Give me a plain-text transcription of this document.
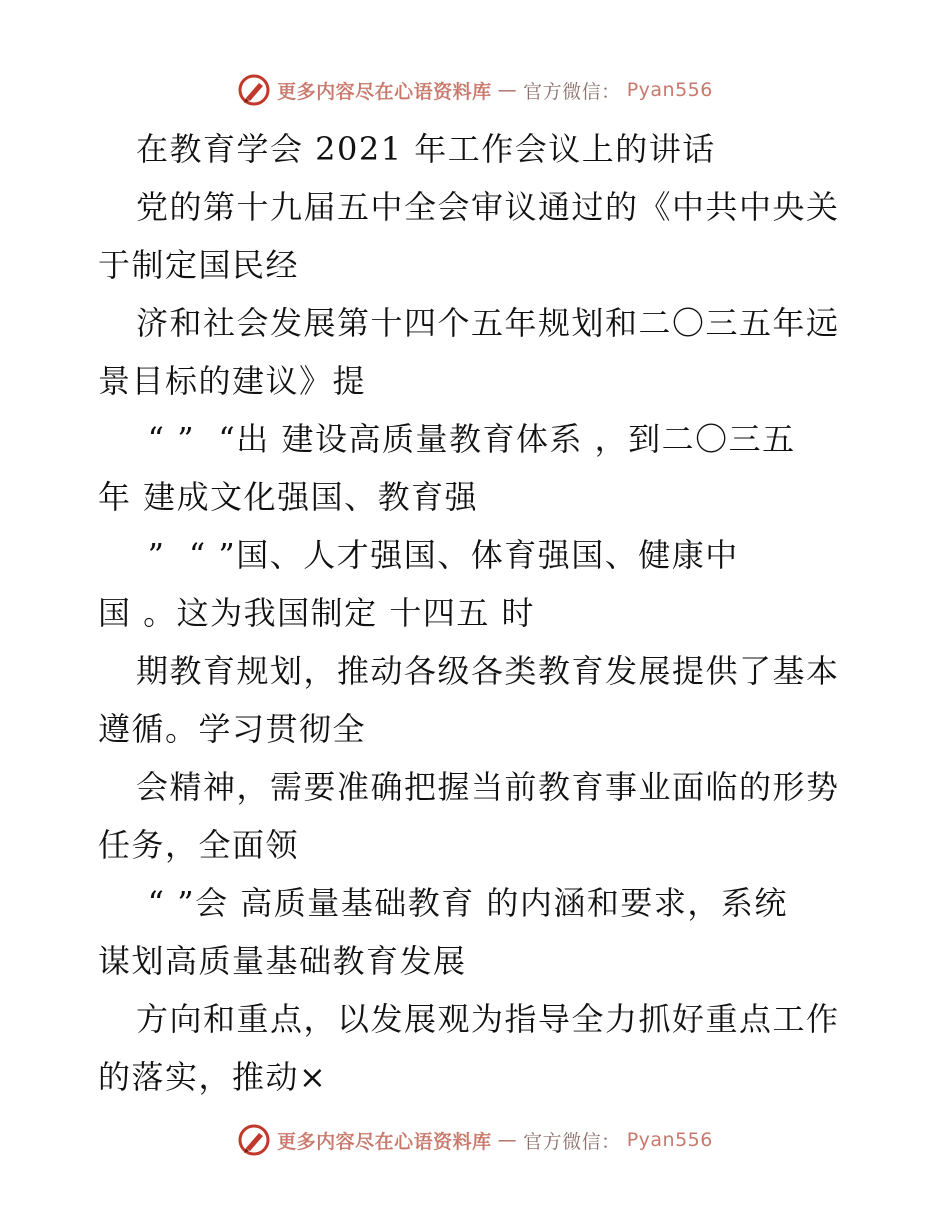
更多内容尽在心语资料库 — 官方微信： Pyan556
在教育学会 2021 年工作会议上的讲话
党的第十九届五中全会审议通过的《中共中央关
于制定国民经
济和社会发展第十四个五年规划和二〇三五年远
景目标的建议》提
“ ”  “出 建设高质量教育体系 ，到二〇三五
年 建成文化强国、教育强
”  “ ”国、人才强国、体育强国、健康中
国 。这为我国制定 十四五 时
期教育规划，推动各级各类教育发展提供了基本
遵循。学习贯彻全
会精神，需要准确把握当前教育事业面临的形势
任务，全面领
“ ”会 高质量基础教育 的内涵和要求，系统
谋划高质量基础教育发展
方向和重点，以发展观为指导全力抓好重点工作
的落实，推动×
更多内容尽在心语资料库 — 官方微信： Pyan556
